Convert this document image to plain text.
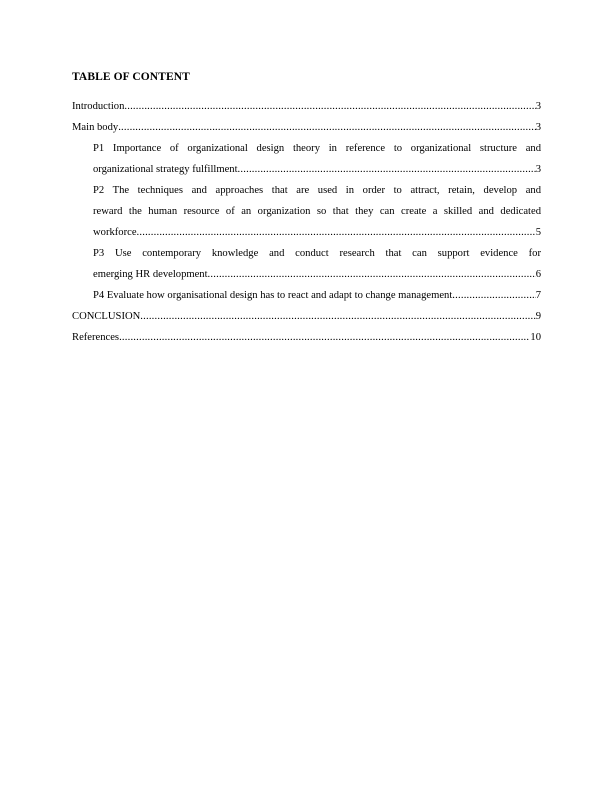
TABLE OF CONTENT
Introduction .....	3
Main body .....	3
P1 Importance of organizational design theory in reference to organizational structure and
organizational strategy fulfillment .....	3
P2 The techniques and approaches that are used in order to attract, retain, develop and
reward the human resource of an organization so that they can create a skilled and dedicated
workforce .....	5
P3 Use contemporary knowledge and conduct research that can support evidence for
emerging HR development .....	6
P4 Evaluate how organisational design has to react and adapt to change management .....	7
CONCLUSION .....	9
References .....	10
